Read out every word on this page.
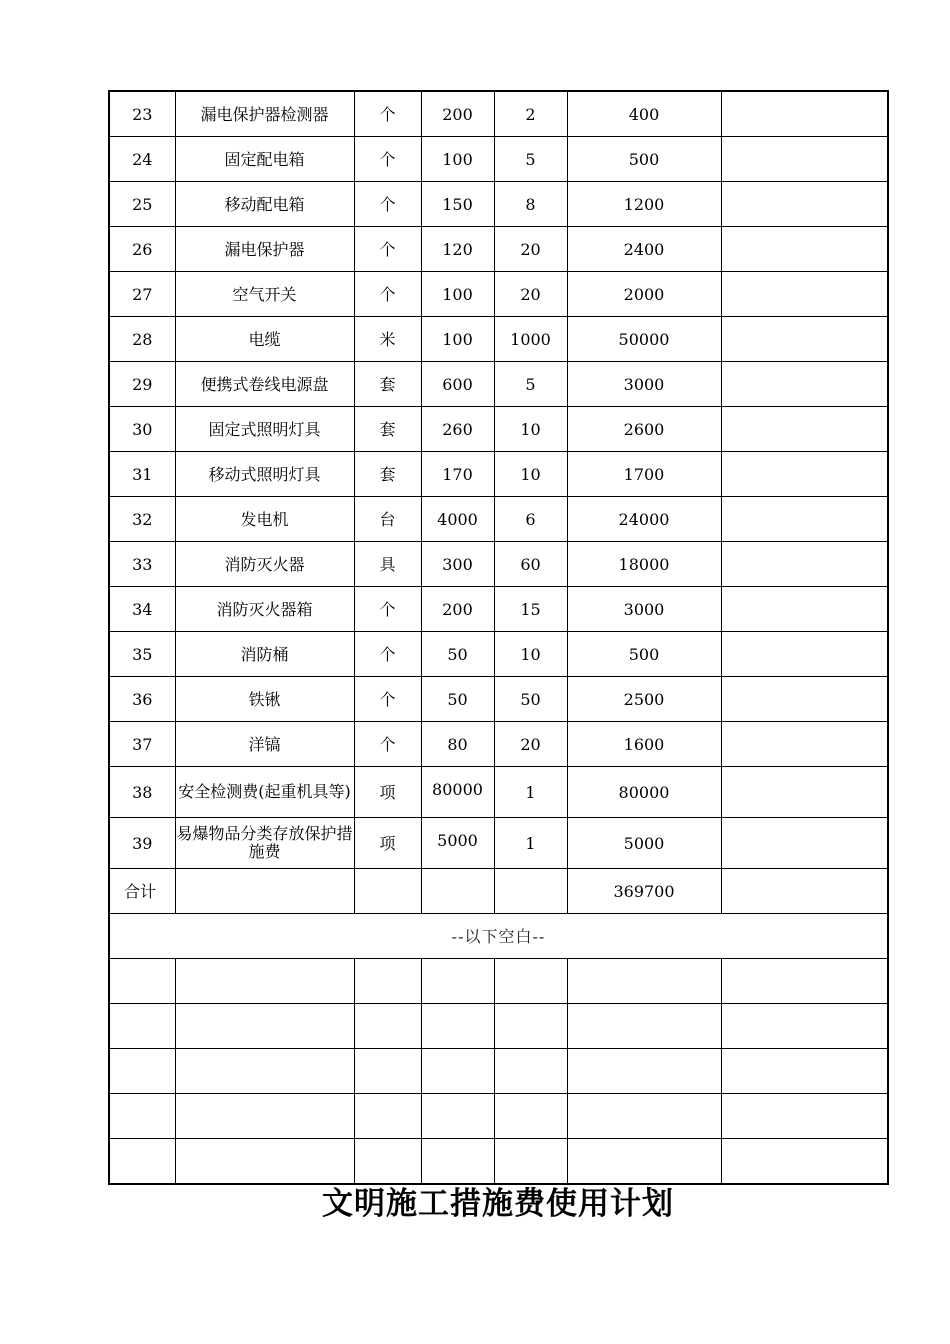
23	漏电保护器检测器	个	200	2	400	
24	固定配电箱	个	100	5	500	
25	移动配电箱	个	150	8	1200	
26	漏电保护器	个	120	20	2400	
27	空气开关	个	100	20	2000	
28	电缆	米	100	1000	50000	
29	便携式卷线电源盘	套	600	5	3000	
30	固定式照明灯具	套	260	10	2600	
31	移动式照明灯具	套	170	10	1700	
32	发电机	台	4000	6	24000	
33	消防灭火器	具	300	60	18000	
34	消防灭火器箱	个	200	15	3000	
35	消防桶	个	50	10	500	
36	铁锹	个	50	50	2500	
37	洋镐	个	80	20	1600	
38	安全检测费(起重机具等)	项	80000	1	80000	
39	易爆物品分类存放保护措施费	项	5000	1	5000	
合计					369700	
--以下空白--						

文明施工措施费使用计划
